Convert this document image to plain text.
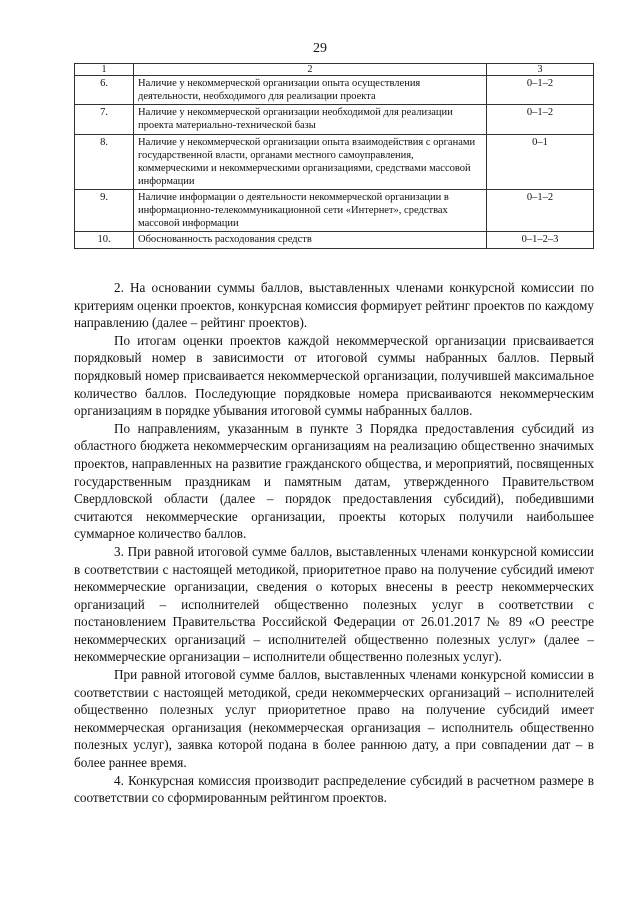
29
1	2	3
6.	Наличие у некоммерческой организации опыта осуществления деятельности, необходимого для реализации проекта	0–1–2
7.	Наличие у некоммерческой организации необходимой для реализации проекта материально-технической базы	0–1–2
8.	Наличие у некоммерческой организации опыта взаимодействия с органами государственной власти, органами местного самоуправления, коммерческими и некоммерческими организациями, средствами массовой информации	0–1
9.	Наличие информации о деятельности некоммерческой организации в информационно-телекоммуникационной сети «Интернет», средствах массовой информации	0–1–2
10.	Обоснованность расходования средств	0–1–2–3

2. На основании суммы баллов, выставленных членами конкурсной комиссии по критериям оценки проектов, конкурсная комиссия формирует рейтинг проектов по каждому направлению (далее – рейтинг проектов).

По итогам оценки проектов каждой некоммерческой организации присваивается порядковый номер в зависимости от итоговой суммы набранных баллов. Первый порядковый номер присваивается некоммерческой организации, получившей максимальное количество баллов. Последующие порядковые номера присваиваются некоммерческим организациям в порядке убывания итоговой суммы набранных баллов.

По направлениям, указанным в пункте 3 Порядка предоставления субсидий из областного бюджета некоммерческим организациям на реализацию общественно значимых проектов, направленных на развитие гражданского общества, и мероприятий, посвященных государственным праздникам и памятным датам, утвержденного Правительством Свердловской области (далее – порядок предоставления субсидий), победившими считаются некоммерческие организации, проекты которых получили наибольшее суммарное количество баллов.

3. При равной итоговой сумме баллов, выставленных членами конкурсной комиссии в соответствии с настоящей методикой, приоритетное право на получение субсидий имеют некоммерческие организации, сведения о которых внесены в реестр некоммерческих организаций – исполнителей общественно полезных услуг в соответствии с постановлением Правительства Российской Федерации от 26.01.2017 № 89 «О реестре некоммерческих организаций – исполнителей общественно полезных услуг» (далее – некоммерческие организации – исполнители общественно полезных услуг).

При равной итоговой сумме баллов, выставленных членами конкурсной комиссии в соответствии с настоящей методикой, среди некоммерческих организаций – исполнителей общественно полезных услуг приоритетное право на получение субсидий имеет некоммерческая организация (некоммерческая организация – исполнитель общественно полезных услуг), заявка которой подана в более раннюю дату, а при совпадении дат – в более раннее время.

4. Конкурсная комиссия производит распределение субсидий в расчетном размере в соответствии со сформированным рейтингом проектов.
